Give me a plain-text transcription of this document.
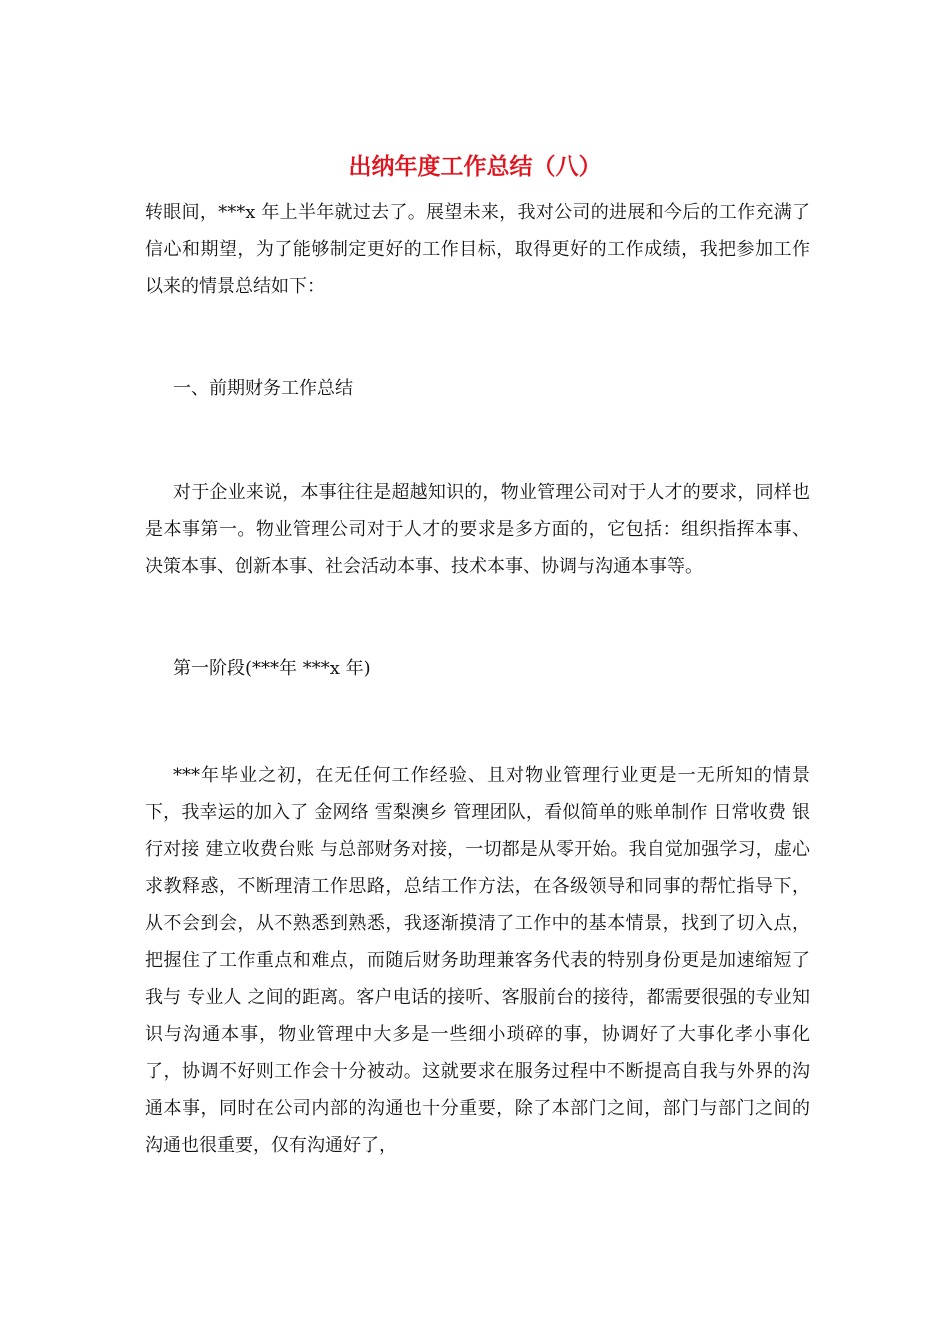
出纳年度工作总结（八）

转眼间，***x 年上半年就过去了。展望未来，我对公司的进展和今后的工作充满了信心和期望，为了能够制定更好的工作目标，取得更好的工作成绩，我把参加工作以来的情景总结如下：

一、前期财务工作总结

对于企业来说，本事往往是超越知识的，物业管理公司对于人才的要求，同样也是本事第一。物业管理公司对于人才的要求是多方面的，它包括：组织指挥本事、决策本事、创新本事、社会活动本事、技术本事、协调与沟通本事等。

第一阶段(***年 ***x 年)

***年毕业之初，在无任何工作经验、且对物业管理行业更是一无所知的情景下，我幸运的加入了 金网络 雪梨澳乡 管理团队，看似简单的账单制作 日常收费 银行对接 建立收费台账 与总部财务对接，一切都是从零开始。我自觉加强学习，虚心求教释惑，不断理清工作思路，总结工作方法，在各级领导和同事的帮忙指导下，从不会到会，从不熟悉到熟悉，我逐渐摸清了工作中的基本情景，找到了切入点，把握住了工作重点和难点，而随后财务助理兼客务代表的特别身份更是加速缩短了我与 专业人 之间的距离。客户电话的接听、客服前台的接待，都需要很强的专业知识与沟通本事，物业管理中大多是一些细小琐碎的事，协调好了大事化孝小事化了，协调不好则工作会十分被动。这就要求在服务过程中不断提高自我与外界的沟通本事，同时在公司内部的沟通也十分重要，除了本部门之间，部门与部门之间的沟通也很重要，仅有沟通好了，
